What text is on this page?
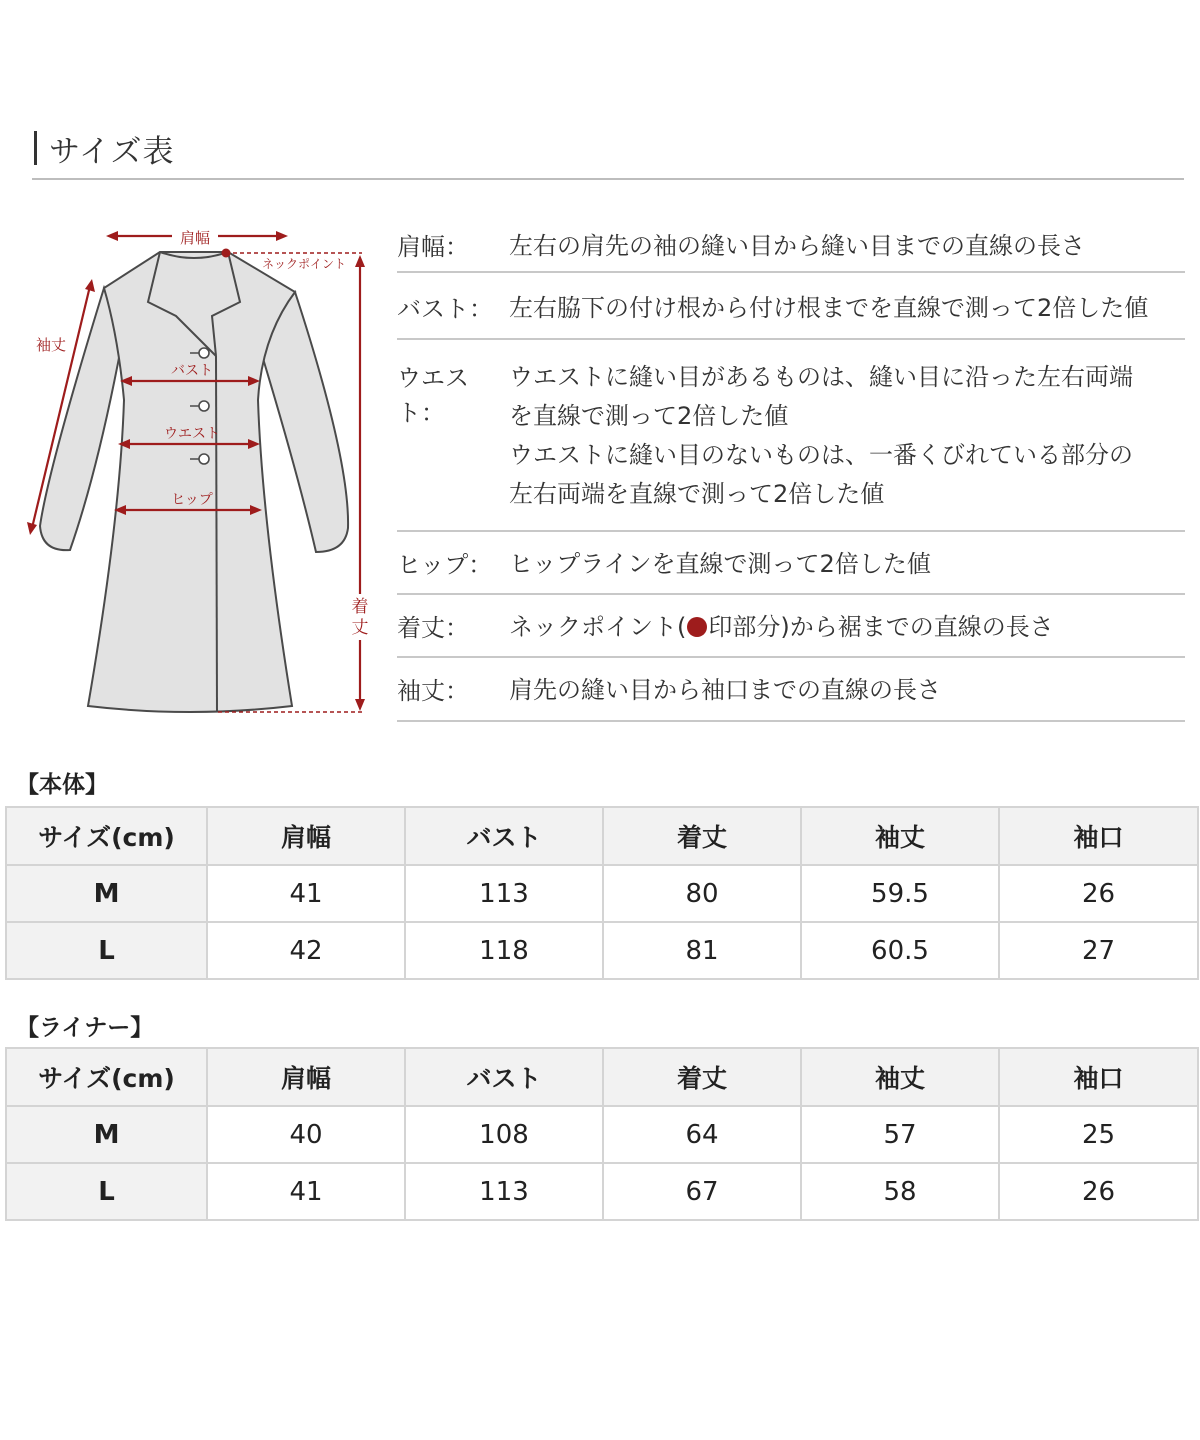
サイズ表
肩幅
ネックポイント
袖丈
バスト
ウエスト
ヒップ
着
丈
肩幅：	左右の肩先の袖の縫い目から縫い目までの直線の長さ
バスト： 左右脇下の付け根から付け根までを直線で測って2倍した値
ウエスト：
ウエストに縫い目があるものは、縫い目に沿った左右両端
を直線で測って2倍した値
ウエストに縫い目のないものは、一番くびれている部分の
左右両端を直線で測って2倍した値
ヒップ： ヒップラインを直線で測って2倍した値
着丈：	ネックポイント( 印部分)から裾までの直線の長さ
袖丈：	肩先の縫い目から袖口までの直線の長さ
【本体】
サイズ(cm)	肩幅	バスト	着丈	袖丈	袖口
M	41	113	80	59.5	26
L	42	118	81	60.5	27
【ライナー】
サイズ(cm)	肩幅	バスト	着丈	袖丈	袖口
M	40	108	64	57	25
L	41	113	67	58	26
